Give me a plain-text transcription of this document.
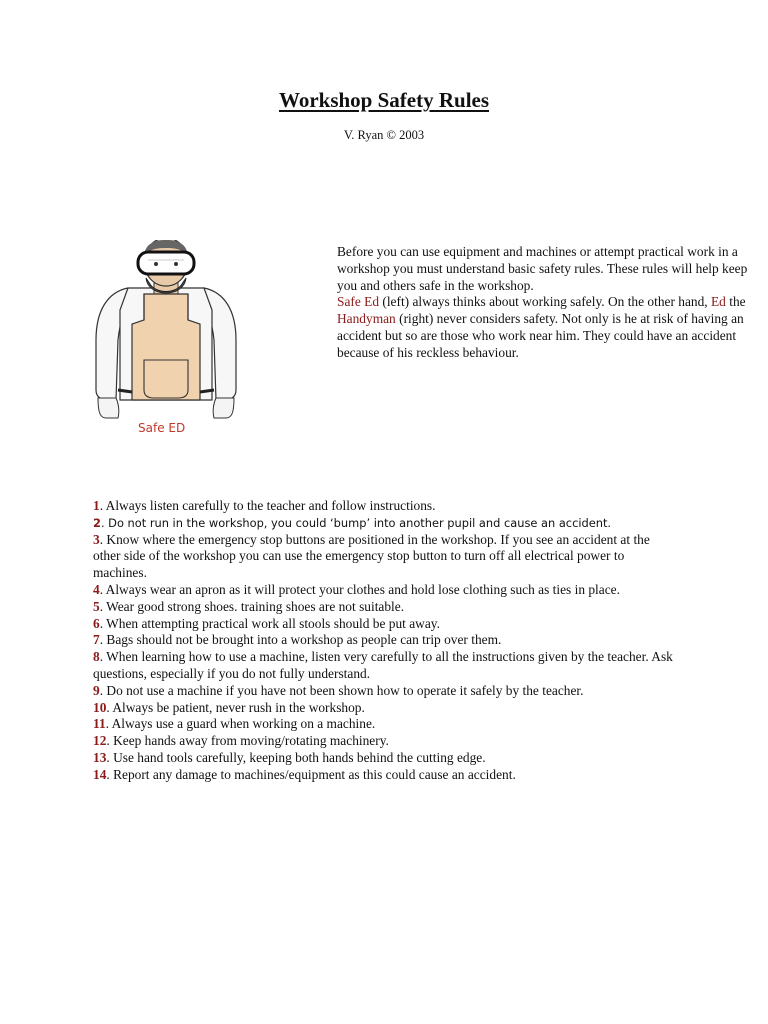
Workshop Safety Rules
V. Ryan © 2003
Safe ED
Before you can use equipment and machines or attempt practical work in a workshop you must understand basic safety rules. These rules will help keep you and others safe in the workshop.
Safe Ed (left) always thinks about working safely. On the other hand, Ed the Handyman (right) never considers safety. Not only is he at risk of having an accident but so are those who work near him. They could have an accident because of his reckless behaviour.
1. Always listen carefully to the teacher and follow instructions.
2. Do not run in the workshop, you could ‘bump’ into another pupil and cause an accident.
3. Know where the emergency stop buttons are positioned in the workshop. If you see an accident at the other side of the workshop you can use the emergency stop button to turn off all electrical power to machines.
4. Always wear an apron as it will protect your clothes and hold lose clothing such as ties in place.
5. Wear good strong shoes. training shoes are not suitable.
6. When attempting practical work all stools should be put away.
7. Bags should not be brought into a workshop as people can trip over them.
8. When learning how to use a machine, listen very carefully to all the instructions given by the teacher. Ask questions, especially if you do not fully understand.
9. Do not use a machine if you have not been shown how to operate it safely by the teacher.
10. Always be patient, never rush in the workshop.
11. Always use a guard when working on a machine.
12. Keep hands away from moving/rotating machinery.
13. Use hand tools carefully, keeping both hands behind the cutting edge.
14. Report any damage to machines/equipment as this could cause an accident.
